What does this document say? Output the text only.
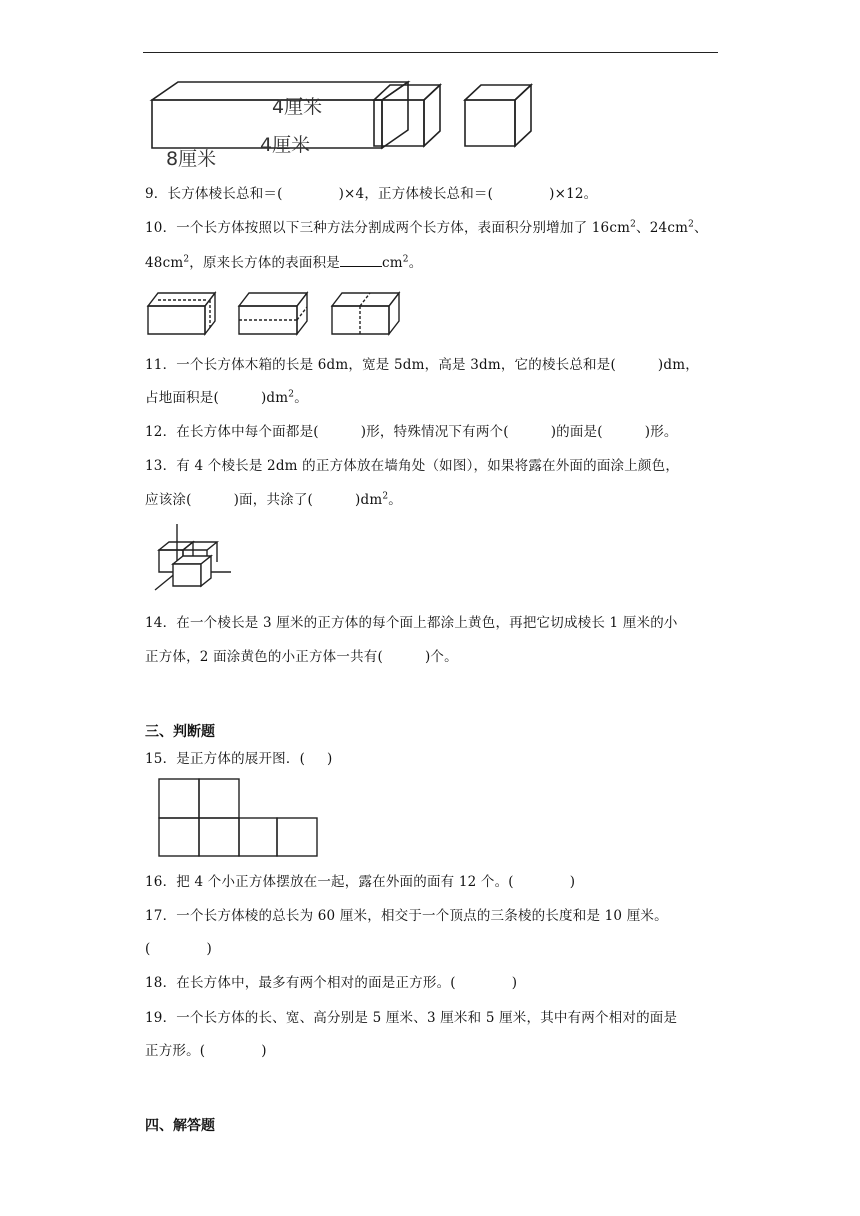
4厘米
4厘米
8厘米
9．长方体棱长总和＝(	)×4，正方体棱长总和＝(	)×12。
10．一个长方体按照以下三种方法分割成两个长方体，表面积分别增加了 $16cm^2$、$24cm^2$、
$48cm^2$，原来长方体的表面积是	$cm^2$。
11．一个长方体木箱的长是 6dm，宽是 5dm，高是 3dm，它的棱长总和是(	)dm，
占地面积是(	)$dm^2$。
12．在长方体中每个面都是(	)形，特殊情况下有两个(	)的面是(	)形。
13．有 4 个棱长是 2dm 的正方体放在墙角处（如图），如果将露在外面的面涂上颜色，
应该涂(	)面，共涂了(	)$dm^2$。
14．在一个棱长是 3 厘米的正方体的每个面上都涂上黄色，再把它切成棱长 1 厘米的小
正方体，2 面涂黄色的小正方体一共有(	)个。
三、判断题
15．是正方体的展开图．( )
16．把 4 个小正方体摆放在一起，露在外面的面有 12 个。(	)
17．一个长方体棱的总长为 60 厘米，相交于一个顶点的三条棱的长度和是 10 厘米。
(	)
18．在长方体中，最多有两个相对的面是正方形。(	)
19．一个长方体的长、宽、高分别是 5 厘米、3 厘米和 5 厘米，其中有两个相对的面是
正方形。(	)
四、解答题
